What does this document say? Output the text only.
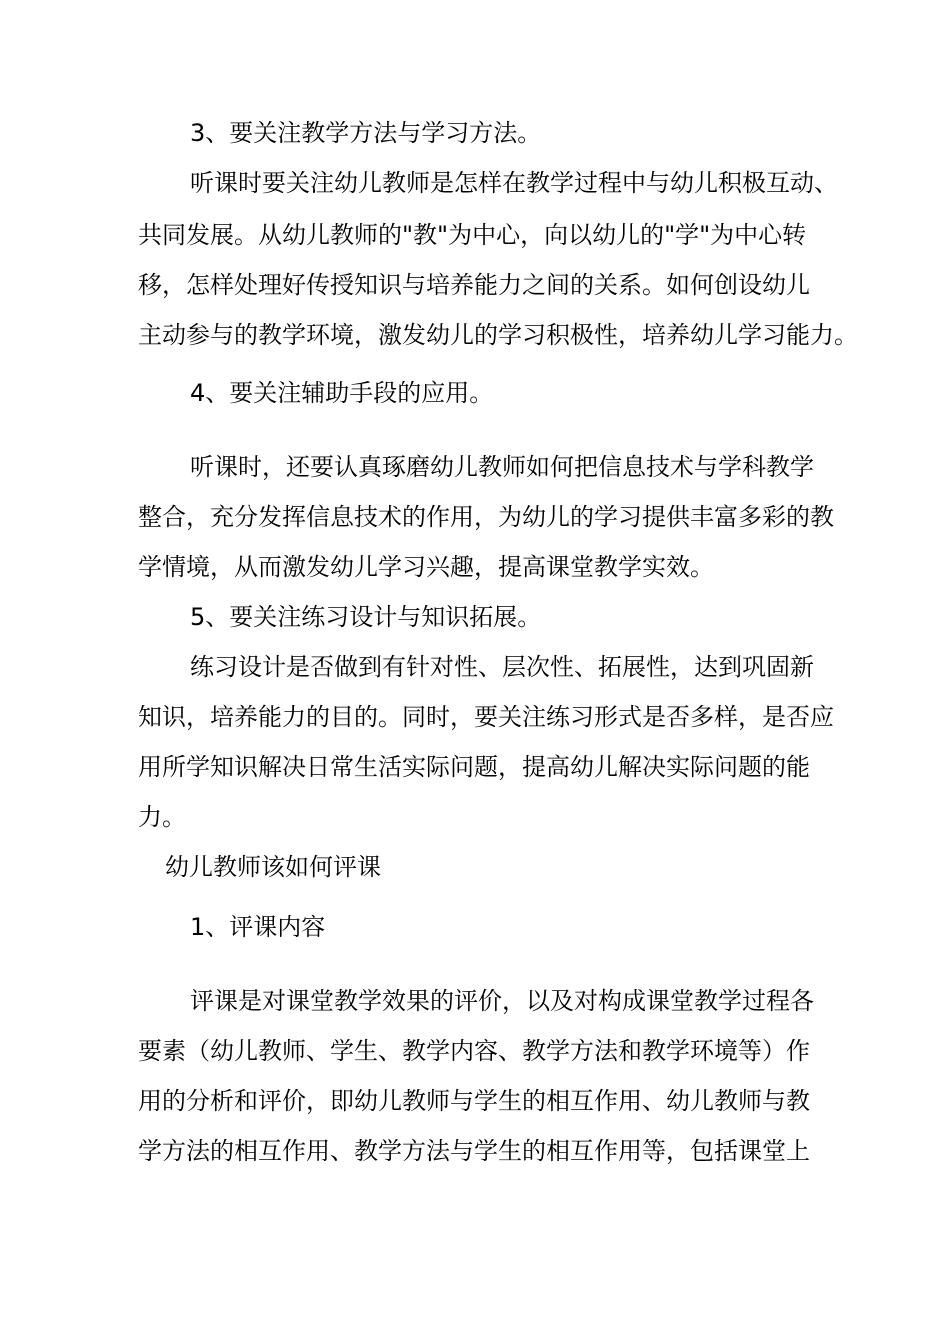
3、要关注教学方法与学习方法。
听课时要关注幼儿教师是怎样在教学过程中与幼儿积极互动、
共同发展。从幼儿教师的"教"为中心，向以幼儿的"学"为中心转
移，怎样处理好传授知识与培养能力之间的关系。如何创设幼儿
主动参与的教学环境，激发幼儿的学习积极性，培养幼儿学习能力。
4、要关注辅助手段的应用。
听课时，还要认真琢磨幼儿教师如何把信息技术与学科教学
整合，充分发挥信息技术的作用，为幼儿的学习提供丰富多彩的教
学情境，从而激发幼儿学习兴趣，提高课堂教学实效。
5、要关注练习设计与知识拓展。
练习设计是否做到有针对性、层次性、拓展性，达到巩固新
知识，培养能力的目的。同时，要关注练习形式是否多样，是否应
用所学知识解决日常生活实际问题，提高幼儿解决实际问题的能
力。
幼儿教师该如何评课
1、评课内容
评课是对课堂教学效果的评价，以及对构成课堂教学过程各
要素（幼儿教师、学生、教学内容、教学方法和教学环境等）作
用的分析和评价，即幼儿教师与学生的相互作用、幼儿教师与教
学方法的相互作用、教学方法与学生的相互作用等，包括课堂上
